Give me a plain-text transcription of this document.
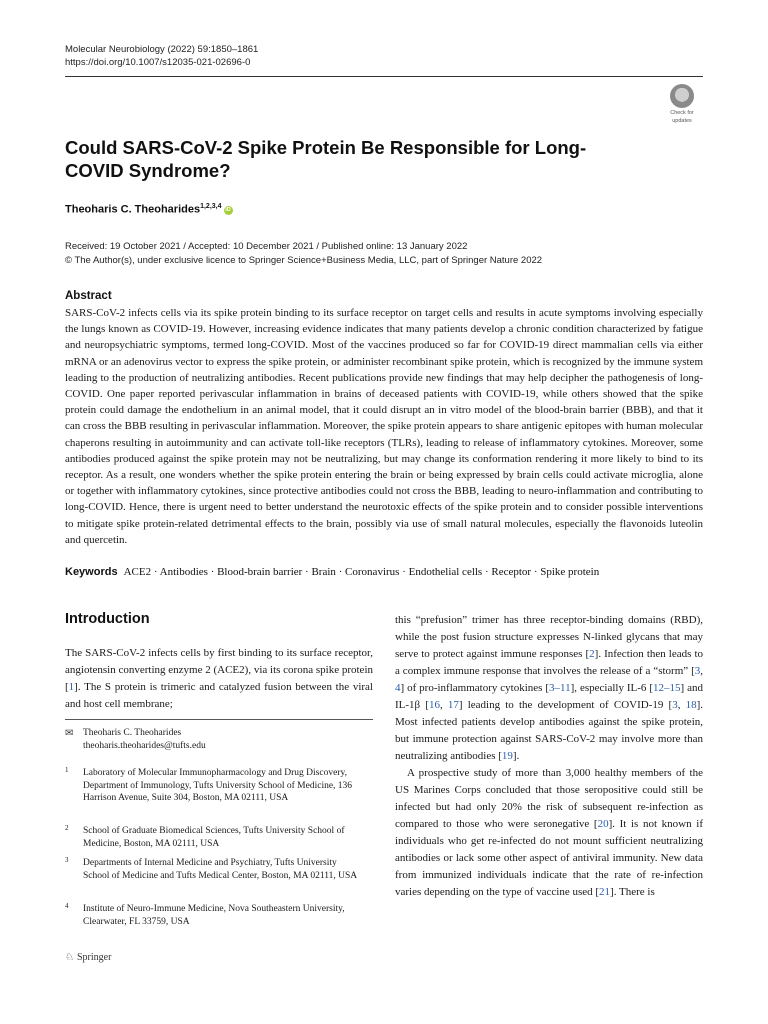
Molecular Neurobiology (2022) 59:1850–1861
https://doi.org/10.1007/s12035-021-02696-0
Check for
updates
Could SARS-CoV-2 Spike Protein Be Responsible for Long-COVID Syndrome?
Theoharis C. Theoharides$^{1,2,3,4}$ iD
Received: 19 October 2021 / Accepted: 10 December 2021 / Published online: 13 January 2022
© The Author(s), under exclusive licence to Springer Science+Business Media, LLC, part of Springer Nature 2022
Abstract
SARS-CoV-2 infects cells via its spike protein binding to its surface receptor on target cells and results in acute symptoms involving especially the lungs known as COVID-19. However, increasing evidence indicates that many patients develop a chronic condition characterized by fatigue and neuropsychiatric symptoms, termed long-COVID. Most of the vaccines produced so far for COVID-19 direct mammalian cells via either mRNA or an adenovirus vector to express the spike protein, or administer recombinant spike protein, which is recognized by the immune system leading to the production of neutralizing antibodies. Recent publications provide new findings that may help decipher the pathogenesis of long-COVID. One paper reported perivascular inflammation in brains of deceased patients with COVID-19, while others showed that the spike protein could damage the endothelium in an animal model, that it could disrupt an in vitro model of the blood-brain barrier (BBB), and that it can cross the BBB resulting in perivascular inflammation. Moreover, the spike protein appears to share antigenic epitopes with human molecular chaperons resulting in autoimmunity and can activate toll-like receptors (TLRs), leading to release of inflammatory cytokines. Moreover, some antibodies produced against the spike protein may not be neutralizing, but may change its conformation rendering it more likely to bind to its receptor. As a result, one wonders whether the spike protein entering the brain or being expressed by brain cells could activate microglia, alone or together with inflammatory cytokines, since protective antibodies could not cross the BBB, leading to neuro-inflammation and contributing to long-COVID. Hence, there is urgent need to better understand the neurotoxic effects of the spike protein and to consider possible interventions to mitigate spike protein-related detrimental effects to the brain, possibly via use of small natural molecules, especially the flavonoids luteolin and quercetin.
Keywords ACE2 · Antibodies · Blood-brain barrier · Brain · Coronavirus · Endothelial cells · Receptor · Spike protein
Introduction
The SARS-CoV-2 infects cells by first binding to its surface receptor, angiotensin converting enzyme 2 (ACE2), via its corona spike protein [1]. The S protein is trimeric and catalyzed fusion between the viral and host cell membrane;

this “prefusion” trimer has three receptor-binding domains (RBD), while the post fusion structure expresses N-linked glycans that may serve to protect against immune responses [2]. Infection then leads to a complex immune response that involves the release of a “storm” [3, 4] of pro-inflammatory cytokines [3–11], especially IL-6 [12–15] and IL-1β [16, 17] leading to the development of COVID-19 [3, 18]. Most infected patients develop antibodies against the spike protein, but immune protection against SARS-CoV-2 may involve more than neutralizing antibodies [19].

A prospective study of more than 3,000 healthy members of the US Marines Corps concluded that those seropositive could still be infected but had only 20% the risk of subsequent re-infection as compared to those who were seronegative [20]. It is not known if individuals who get re-infected do not mount sufficient neutralizing antibodies or lack some other aspect of antiviral immunity. New data from immunized individuals indicate that the rate of re-infection varies depending on the type of vaccine used [21]. There is

✉ Theoharis C. Theoharides
theoharis.theoharides@tufts.edu
1 Laboratory of Molecular Immunopharmacology and Drug Discovery, Department of Immunology, Tufts University School of Medicine, 136 Harrison Avenue, Suite 304, Boston, MA 02111, USA
2 School of Graduate Biomedical Sciences, Tufts University School of Medicine, Boston, MA 02111, USA
3 Departments of Internal Medicine and Psychiatry, Tufts University School of Medicine and Tufts Medical Center, Boston, MA 02111, USA
4 Institute of Neuro-Immune Medicine, Nova Southeastern University, Clearwater, FL 33759, USA
♘ Springer
